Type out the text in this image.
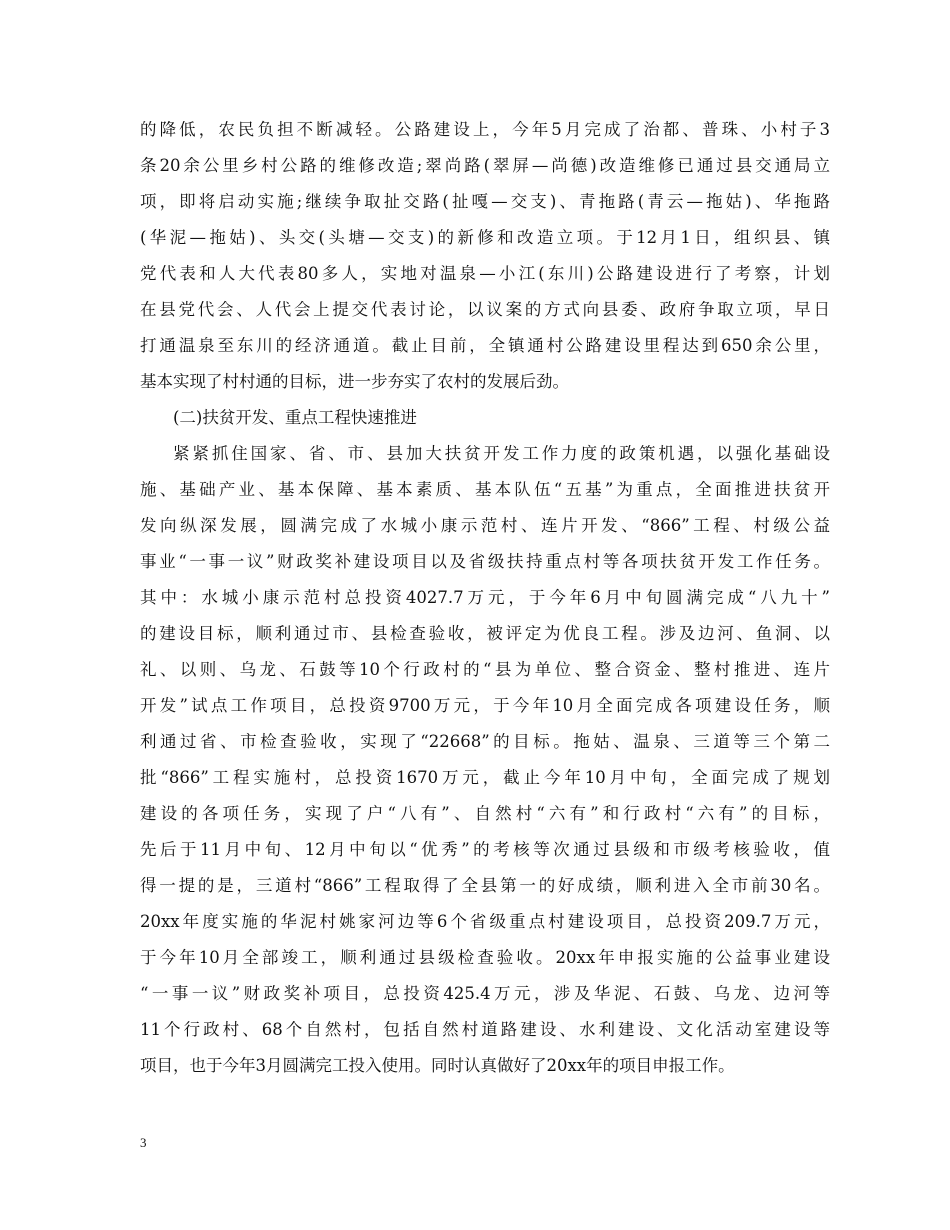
的降低，农民负担不断减轻。公路建设上，今年5月完成了治都、普珠、小村子3
条20余公里乡村公路的维修改造;翠尚路(翠屏—尚德)改造维修已通过县交通局立
项，即将启动实施;继续争取扯交路(扯嘎—交支)、青拖路(青云—拖姑)、华拖路
(华泥—拖姑)、头交(头塘—交支)的新修和改造立项。于12月1日，组织县、镇
党代表和人大代表80多人，实地对温泉—小江(东川)公路建设进行了考察，计划
在县党代会、人代会上提交代表讨论，以议案的方式向县委、政府争取立项，早日
打通温泉至东川的经济通道。截止目前，全镇通村公路建设里程达到650余公里，
基本实现了村村通的目标，进一步夯实了农村的发展后劲。
(二)扶贫开发、重点工程快速推进
紧紧抓住国家、省、市、县加大扶贫开发工作力度的政策机遇，以强化基础设
施、基础产业、基本保障、基本素质、基本队伍“五基”为重点，全面推进扶贫开
发向纵深发展，圆满完成了水城小康示范村、连片开发、“866”工程、村级公益
事业“一事一议”财政奖补建设项目以及省级扶持重点村等各项扶贫开发工作任务。
其中：水城小康示范村总投资4027.7万元，于今年6月中旬圆满完成“八九十”
的建设目标，顺利通过市、县检查验收，被评定为优良工程。涉及边河、鱼洞、以
礼、以则、乌龙、石鼓等10个行政村的“县为单位、整合资金、整村推进、连片
开发”试点工作项目，总投资9700万元，于今年10月全面完成各项建设任务，顺
利通过省、市检查验收，实现了“22668”的目标。拖姑、温泉、三道等三个第二
批“866”工程实施村，总投资1670万元，截止今年10月中旬，全面完成了规划
建设的各项任务，实现了户“八有”、自然村“六有”和行政村“六有”的目标，
先后于11月中旬、12月中旬以“优秀”的考核等次通过县级和市级考核验收，值
得一提的是，三道村“866”工程取得了全县第一的好成绩，顺利进入全市前30名。
20xx年度实施的华泥村姚家河边等6个省级重点村建设项目，总投资209.7万元，
于今年10月全部竣工，顺利通过县级检查验收。20xx年申报实施的公益事业建设
“一事一议”财政奖补项目，总投资425.4万元，涉及华泥、石鼓、乌龙、边河等
11个行政村、68个自然村，包括自然村道路建设、水利建设、文化活动室建设等
项目，也于今年3月圆满完工投入使用。同时认真做好了20xx年的项目申报工作。
3
